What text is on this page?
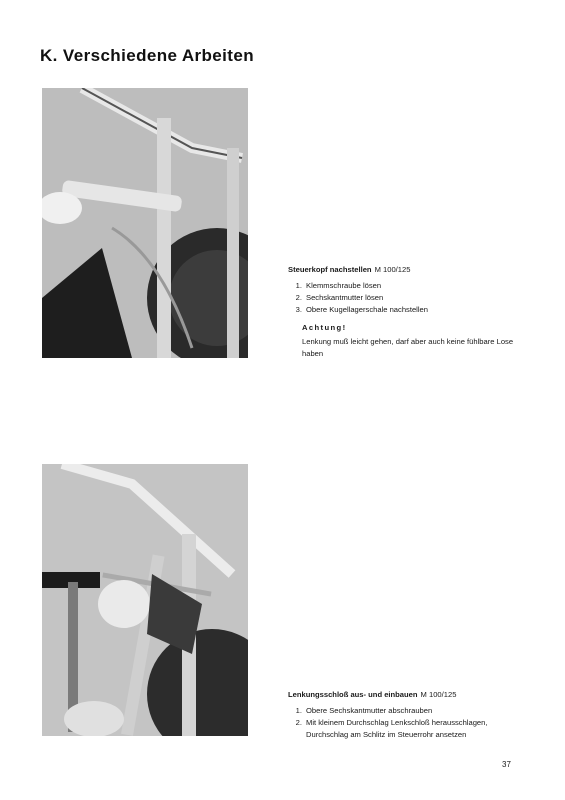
K. Verschiedene Arbeiten
Steuerkopf nachstellen M 100/125
1. Klemmschraube lösen
2. Sechskantmutter lösen
3. Obere Kugellagerschale nachstellen
Achtung!
Lenkung muß leicht gehen, darf aber auch keine fühlbare Lose haben
Lenkungsschloß aus- und einbauen M 100/125
1. Obere Sechskantmutter abschrauben
2. Mit kleinem Durchschlag Lenkschloß herausschlagen, Durchschlag am Schlitz im Steuerrohr ansetzen
37
